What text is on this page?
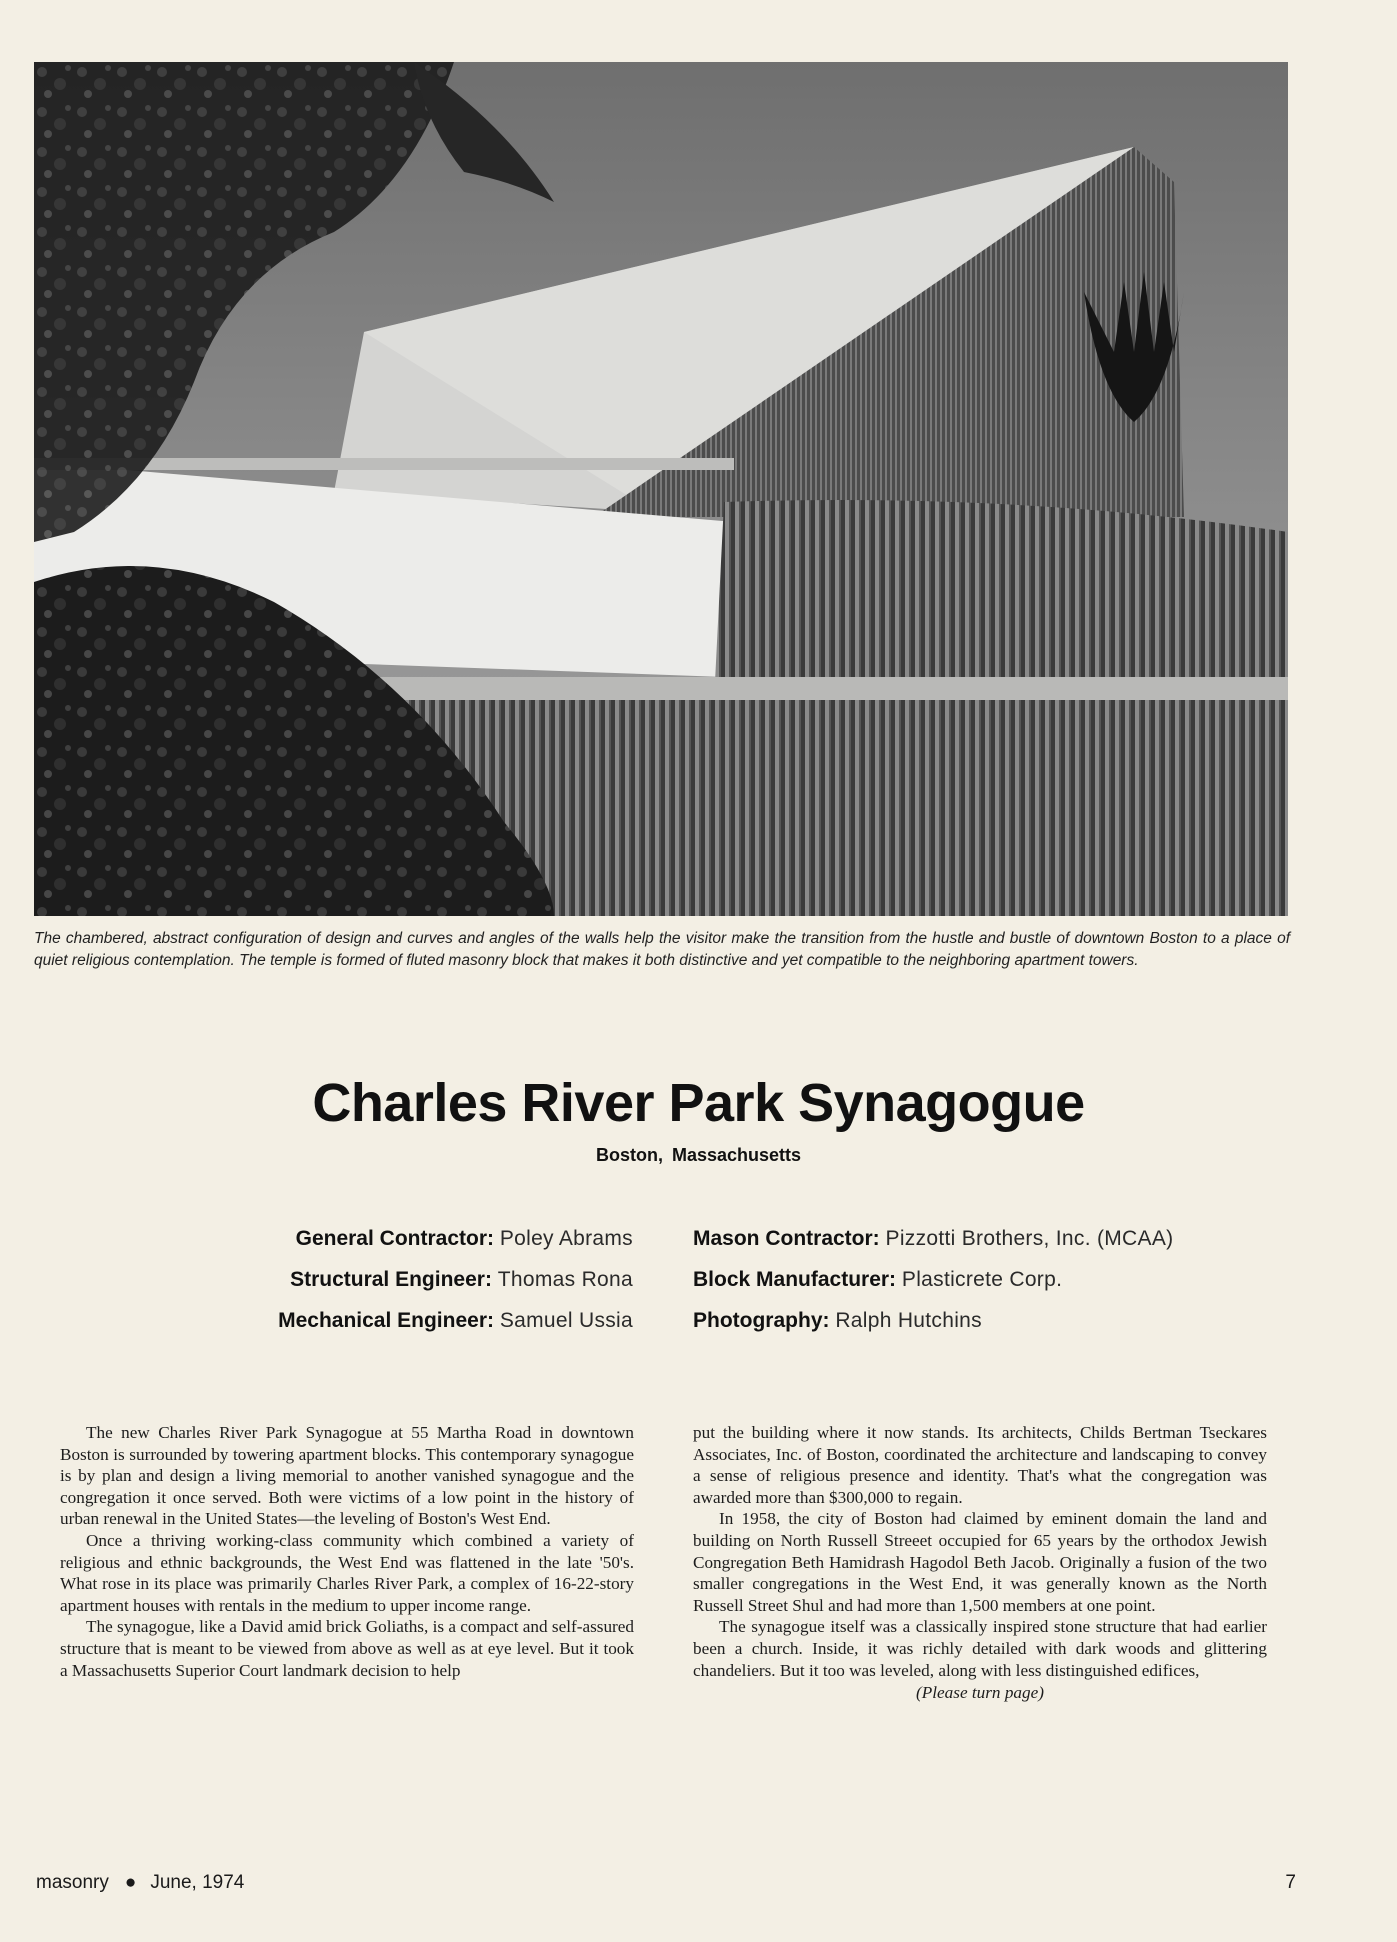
The chambered, abstract configuration of design and curves and angles of the walls help the visitor make the transition from the hustle and bustle of downtown Boston to a place of quiet religious contemplation. The temple is formed of fluted masonry block that makes it both distinctive and yet compatible to the neighboring apartment towers.
Charles River Park Synagogue
Boston, Massachusetts
General Contractor: Poley Abrams
Structural Engineer: Thomas Rona
Mechanical Engineer: Samuel Ussia
Mason Contractor: Pizzotti Brothers, Inc. (MCAA)
Block Manufacturer: Plasticrete Corp.
Photography: Ralph Hutchins

The new Charles River Park Synagogue at 55 Martha Road in downtown Boston is surrounded by towering apartment blocks. This contemporary synagogue is by plan and design a living memorial to another vanished synagogue and the congregation it once served. Both were victims of a low point in the history of urban renewal in the United States—the leveling of Boston's West End.

Once a thriving working-class community which combined a variety of religious and ethnic backgrounds, the West End was flattened in the late '50's. What rose in its place was primarily Charles River Park, a complex of 16-22-story apartment houses with rentals in the medium to upper income range.

The synagogue, like a David amid brick Goliaths, is a compact and self-assured structure that is meant to be viewed from above as well as at eye level. But it took a Massachusetts Superior Court landmark decision to help

put the building where it now stands. Its architects, Childs Bertman Tseckares Associates, Inc. of Boston, coordinated the architecture and landscaping to convey a sense of religious presence and identity. That's what the congregation was awarded more than $300,000 to regain.

In 1958, the city of Boston had claimed by eminent domain the land and building on North Russell Streeet occupied for 65 years by the orthodox Jewish Congregation Beth Hamidrash Hagodol Beth Jacob. Originally a fusion of the two smaller congregations in the West End, it was generally known as the North Russell Street Shul and had more than 1,500 members at one point.

The synagogue itself was a classically inspired stone structure that had earlier been a church. Inside, it was richly detailed with dark woods and glittering chandeliers. But it too was leveled, along with less distinguished edifices,

(Please turn page)

masonry ● June, 1974	7
